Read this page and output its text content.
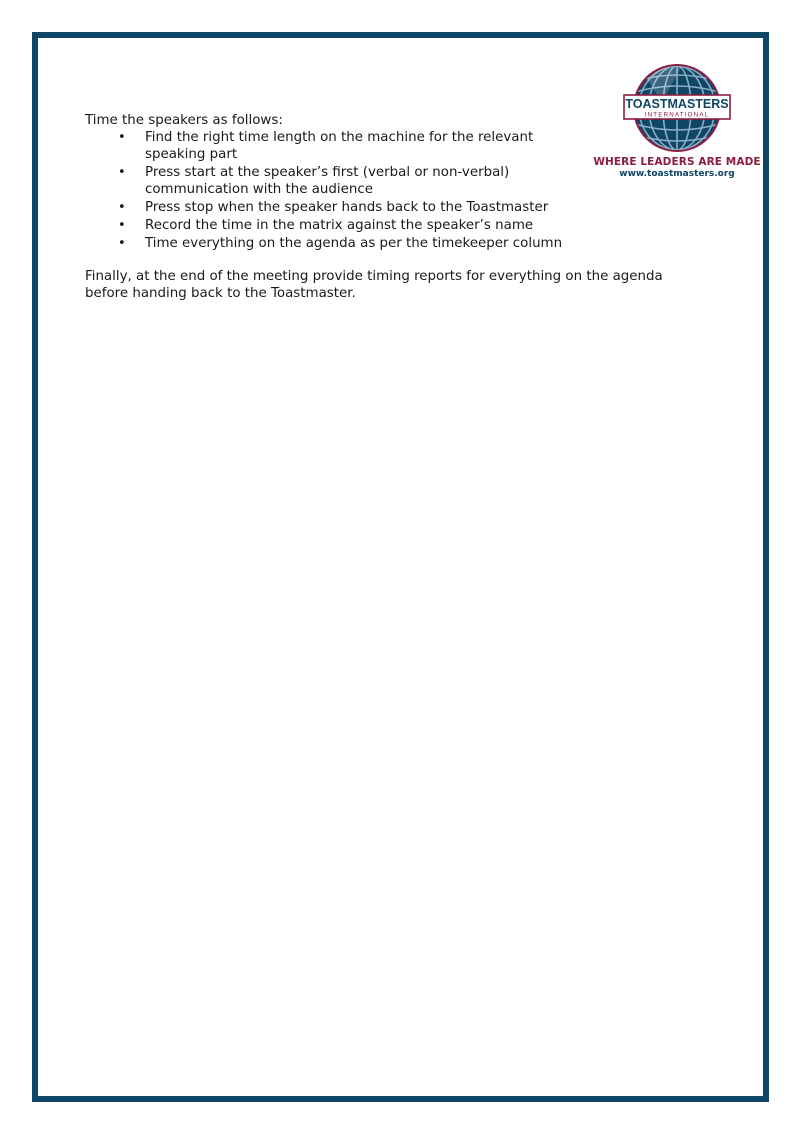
TOASTMASTERS
INTERNATIONAL
WHERE LEADERS ARE MADE
www.toastmasters.org

Time the speakers as follows:

• Find the right time length on the machine for the relevant speaking part
• Press start at the speaker’s first (verbal or non-verbal) communication with the audience
• Press stop when the speaker hands back to the Toastmaster
• Record the time in the matrix against the speaker’s name
• Time everything on the agenda as per the timekeeper column

Finally, at the end of the meeting provide timing reports for everything on the agenda before handing back to the Toastmaster.
